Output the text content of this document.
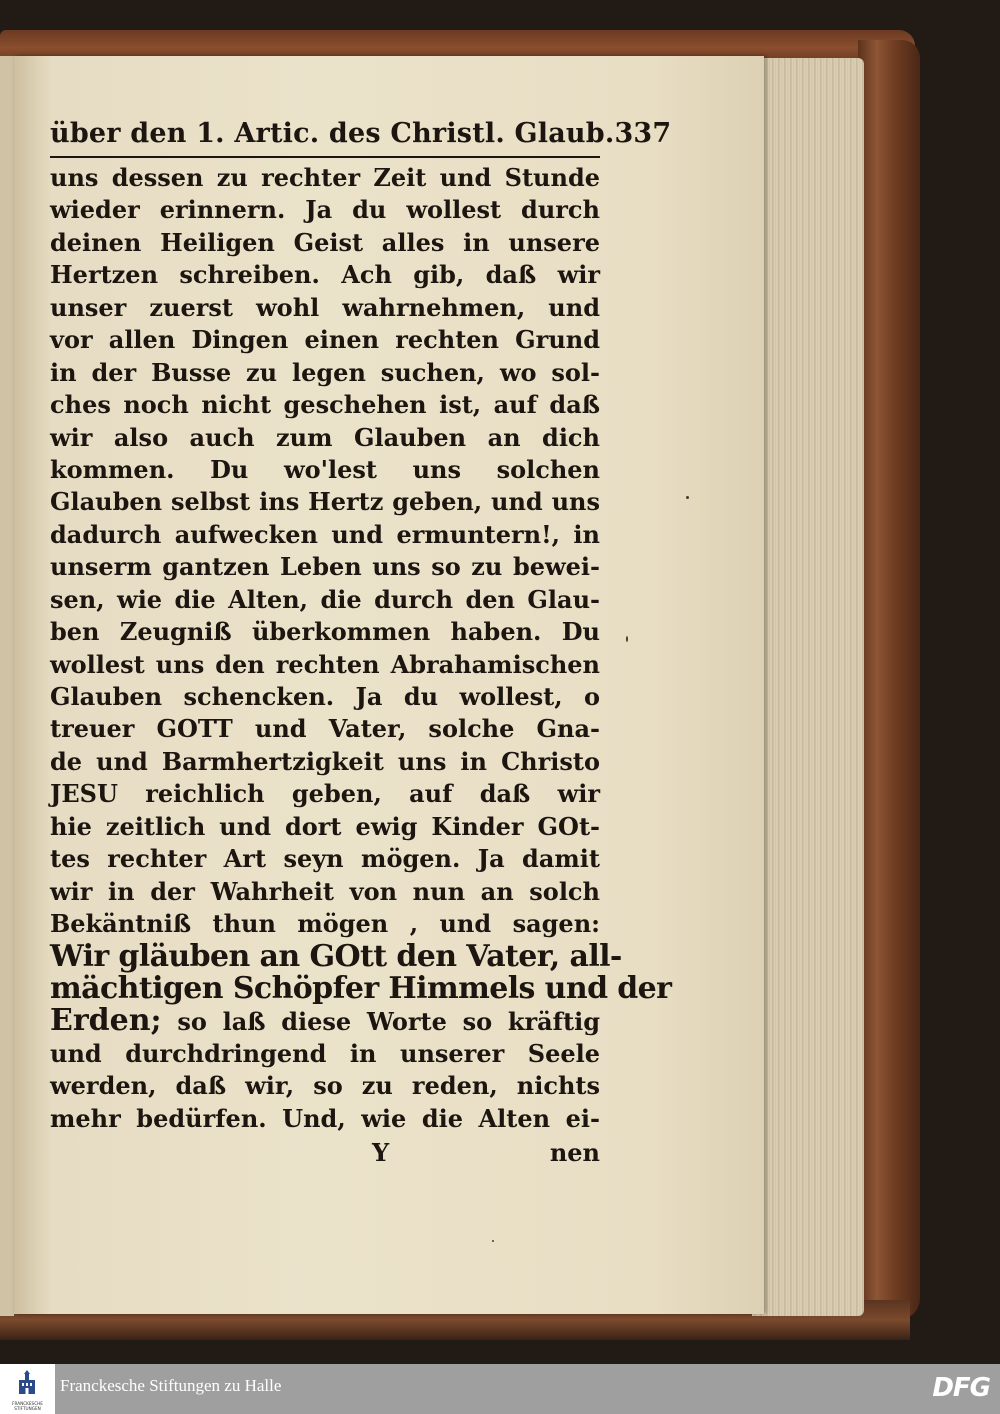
über den 1. Artic. des Christl. Glaub. 337
uns dessen zu rechter Zeit und Stunde
wieder erinnern. Ja du wollest durch
deinen Heiligen Geist alles in unsere
Hertzen schreiben. Ach gib, daß wir
unser zuerst wohl wahrnehmen, und
vor allen Dingen einen rechten Grund
in der Busse zu legen suchen, wo sol-
ches noch nicht geschehen ist, auf daß
wir also auch zum Glauben an dich
kommen. Du wo'lest uns solchen
Glauben selbst ins Hertz geben, und uns
dadurch aufwecken und ermuntern!, in
unserm gantzen Leben uns so zu bewei-
sen, wie die Alten, die durch den Glau-
ben Zeugniß überkommen haben. Du
wollest uns den rechten Abrahamischen
Glauben schencken. Ja du wollest, o
treuer GOTT und Vater, solche Gna-
de und Barmhertzigkeit uns in Christo
JESU reichlich geben, auf daß wir
hie zeitlich und dort ewig Kinder GOt-
tes rechter Art seyn mögen. Ja damit
wir in der Wahrheit von nun an solch
Bekäntniß thun mögen , und sagen:
Wir gläuben an GOtt den Vater, all-
mächtigen Schöpfer Himmels und der
Erden; so laß diese Worte so kräftig
und durchdringend in unserer Seele
werden, daß wir, so zu reden, nichts
mehr bedürfen. Und, wie die Alten ei-
Y	nen
FRANCKESCHE STIFTUNGEN
Franckesche Stiftungen zu Halle	DFG
